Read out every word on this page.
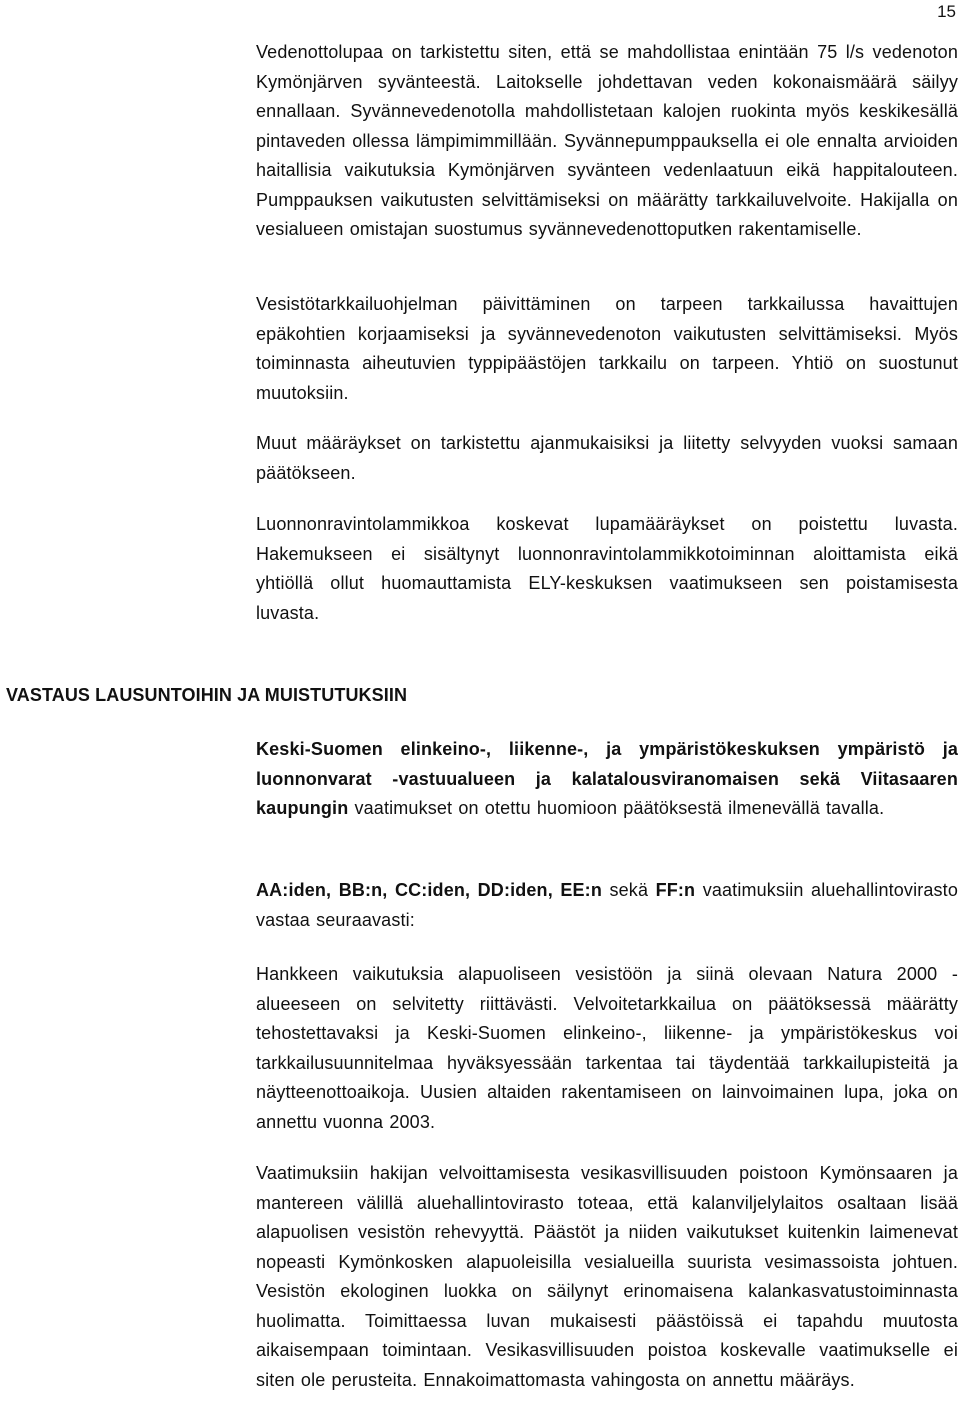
15

Vedenottolupaa on tarkistettu siten, että se mahdollistaa enintään 75 l/s vedenoton Kymönjärven syvänteestä. Laitokselle johdettavan veden kokonaismäärä säilyy ennallaan. Syvännevedenotolla mahdollistetaan kalojen ruokinta myös keskikesällä pintaveden ollessa lämpimimmillään. Syvännepumppauksella ei ole ennalta arvioiden haitallisia vaikutuksia Kymönjärven syvänteen vedenlaatuun eikä happitalouteen. Pumppauksen vaikutusten selvittämiseksi on määrätty tarkkailuvelvoite. Hakijalla on vesialueen omistajan suostumus syvännevedenottoputken rakentamiselle.

Vesistötarkkailuohjelman päivittäminen on tarpeen tarkkailussa havaittujen epäkohtien korjaamiseksi ja syvännevedenoton vaikutusten selvittämiseksi. Myös toiminnasta aiheutuvien typpipäästöjen tarkkailu on tarpeen. Yhtiö on suostunut muutoksiin.

Muut määräykset on tarkistettu ajanmukaisiksi ja liitetty selvyyden vuoksi samaan päätökseen.

Luonnonravintolammikkoa koskevat lupamääräykset on poistettu luvasta. Hakemukseen ei sisältynyt luonnonravintolammikkotoiminnan aloittamista eikä yhtiöllä ollut huomauttamista ELY-keskuksen vaatimukseen sen poistamisesta luvasta.

VASTAUS LAUSUNTOIHIN JA MUISTUTUKSIIN

Keski-Suomen elinkeino-, liikenne-, ja ympäristökeskuksen ympäristö ja luonnonvarat -vastuualueen ja kalatalousviranomaisen sekä Viitasaaren kaupungin vaatimukset on otettu huomioon päätöksestä ilmenevällä tavalla.

AA:iden, BB:n, CC:iden, DD:iden, EE:n sekä FF:n vaatimuksiin aluehallintovirasto vastaa seuraavasti:

Hankkeen vaikutuksia alapuoliseen vesistöön ja siinä olevaan Natura 2000 -alueeseen on selvitetty riittävästi. Velvoitetarkkailua on päätöksessä määrätty tehostettavaksi ja Keski-Suomen elinkeino-, liikenne- ja ympäristökeskus voi tarkkailusuunnitelmaa hyväksyessään tarkentaa tai täydentää tarkkailupisteitä ja näytteenottoaikoja. Uusien altaiden rakentamiseen on lainvoimainen lupa, joka on annettu vuonna 2003.

Vaatimuksiin hakijan velvoittamisesta vesikasvillisuuden poistoon Kymönsaaren ja mantereen välillä aluehallintovirasto toteaa, että kalanviljelylaitos osaltaan lisää alapuolisen vesistön rehevyyttä. Päästöt ja niiden vaikutukset kuitenkin laimenevat nopeasti Kymönkosken alapuoleisilla vesialueilla suurista vesimassoista johtuen. Vesistön ekologinen luokka on säilynyt erinomaisena kalankasvatustoiminnasta huolimatta. Toimittaessa luvan mukaisesti päästöissä ei tapahdu muutosta aikaisempaan toimintaan. Vesikasvillisuuden poistoa koskevalle vaatimukselle ei siten ole perusteita. Ennakoimattomasta vahingosta on annettu määräys.
